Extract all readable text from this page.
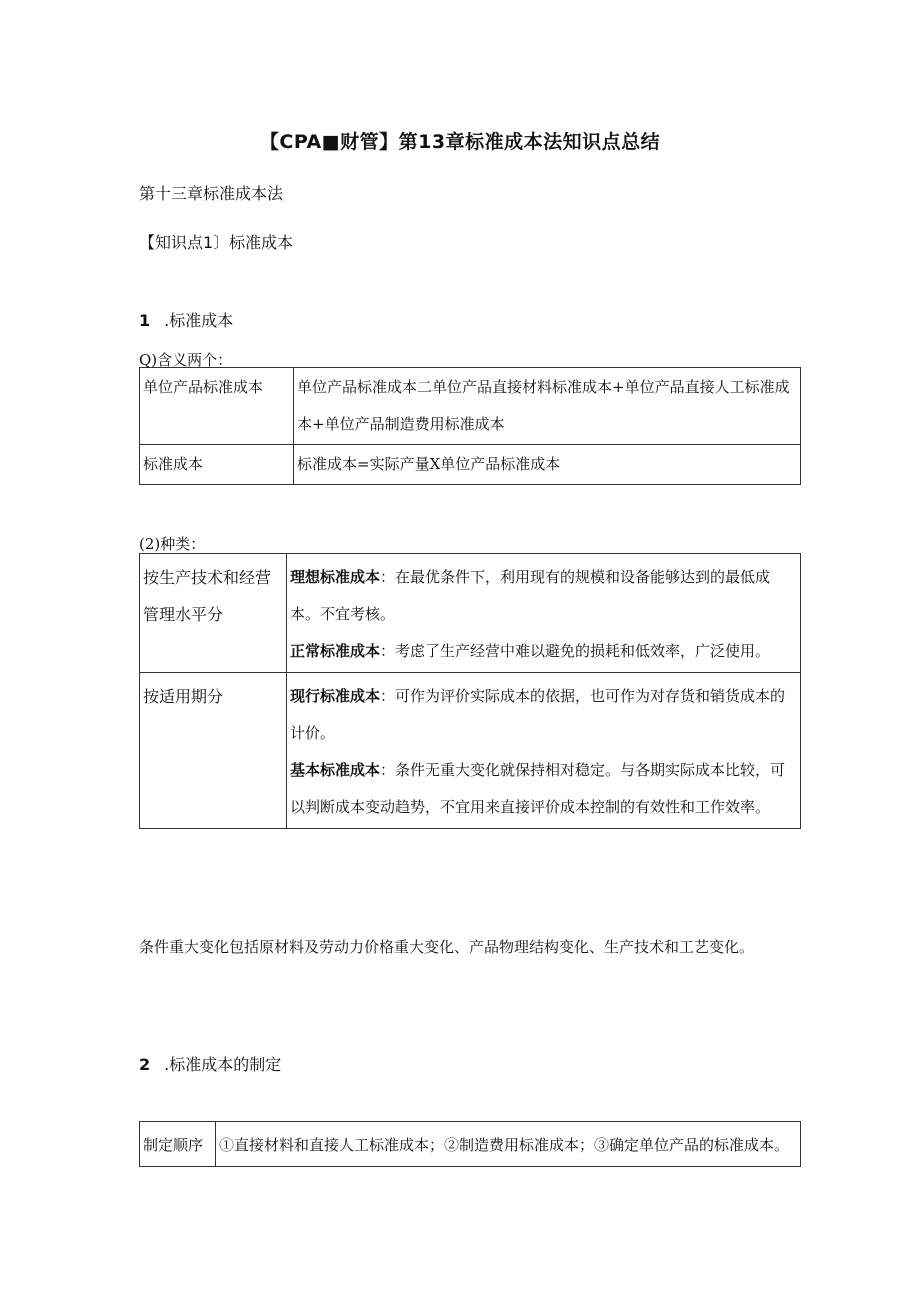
【CPA■财管】第13章标准成本法知识点总结
第十三章标准成本法
【知识点1〕标准成本
1 .标准成本
Q)含义两个：
单位产品标准成本	单位产品标准成本二单位产品直接材料标准成本+单位产品直接人工标准成本+单位产品制造费用标准成本
标准成本	标准成本=实际产量X单位产品标准成本
(2)种类：
按生产技术和经营管理水平分	理想标准成本：在最优条件下，利用现有的规模和设备能够达到的最低成本。不宜考核。
正常标准成本：考虑了生产经营中难以避免的损耗和低效率，广泛使用。

按适用期分	现行标准成本：可作为评价实际成本的依据，也可作为对存货和销货成本的计价。
基本标准成本：条件无重大变化就保持相对稳定。与各期实际成本比较，可以判断成本变动趋势，不宜用来直接评价成本控制的有效性和工作效率。
条件重大变化包括原材料及劳动力价格重大变化、产品物理结构变化、生产技术和工艺变化。
2 .标准成本的制定
制定顺序	①直接材料和直接人工标准成本；②制造费用标准成本；③确定单位产品的标准成本。
